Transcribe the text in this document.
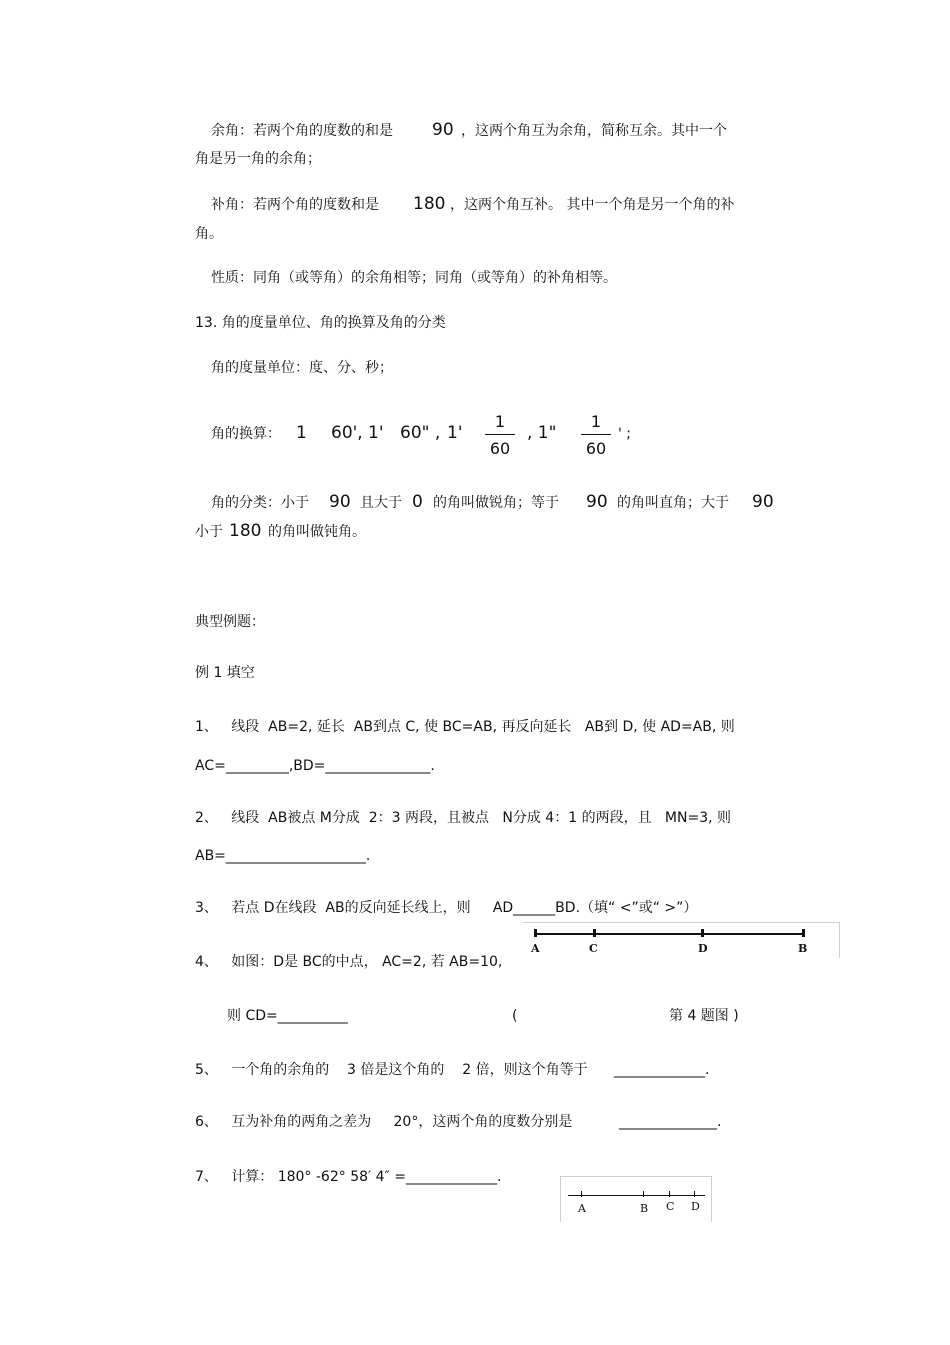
余角：若两个角的度数的和是 90 ，这两个角互为余角，简称互余。其中一个
角是另一角的余角；
补角：若两个角的度数和是 180 ，这两个角互补。 其中一个角是另一个角的补
角。
性质：同角（或等角）的余角相等；同角（或等角）的补角相等。
13. 角的度量单位、角的换算及角的分类
角的度量单位：度、分、秒；
角的换算： 1 60', 1' 60" , 1'
1
60
, 1"
1
60
' ;
角的分类：小于 90 且大于 0 的角叫做锐角；等于 90 的角叫直角；大于 90
小于 180 的角叫做钝角。
典型例题：
例 1 填空
1、   线段  AB=2, 延长  AB到点 C, 使 BC=AB, 再反向延长   AB到 D, 使 AD=AB, 则
AC=_________,BD=_______________.
2、   线段  AB被点 M分成  2：3 两段，且被点   N分成 4：1 的两段，且   MN=3, 则
AB=____________________.
3、   若点 D在线段  AB的反向延长线上，则     AD______BD.（填“ <”或“ >”）
A	C	D	B
4、   如图：D是 BC的中点， AC=2, 若 AB=10,
则 CD=__________	(	第 4 题图 )
5、   一个角的余角的    3 倍是这个角的    2 倍，则这个角等于 _____________.
6、   互为补角的两角之差为     20°，这两个角的度数分别是	______________.
7、   计算： 180° -62° 58′ 4″ =_____________.
A	B C D
